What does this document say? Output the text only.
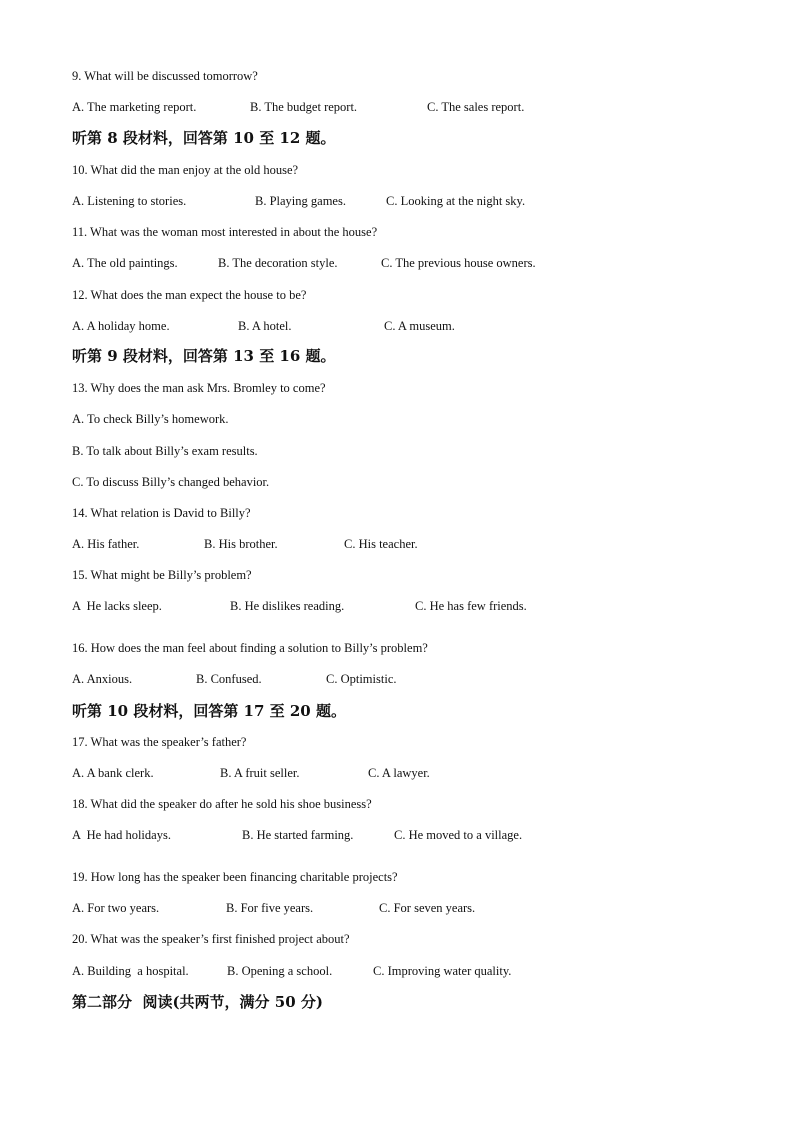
9. What will be discussed tomorrow?

A. The marketing report.

	B. The budget report.

	C. The sales report.

听第 8 段材料，回答第 10 至 12 题。
10. What did the man enjoy at the old house?

A. Listening to stories.

	B. Playing games.

	C. Looking at the night sky.

11. What was the woman most interested in about the house?

A. The old paintings.

	B. The decoration style.

	C. The previous house owners.

12. What does the man expect the house to be?

A. A holiday home.

	B. A hotel.

	C. A museum.

听第 9 段材料，回答第 13 至 16 题。
13. Why does the man ask Mrs. Bromley to come?
A. To check Billy’s homework.
B. To talk about Billy’s exam results.
C. To discuss Billy’s changed behavior.
14. What relation is David to Billy?

A. His father.

	B. His brother.

	C. His teacher.

15. What might be Billy’s problem?

A  He lacks sleep.

	B. He dislikes reading.

	C. He has few friends.

16. How does the man feel about finding a solution to Billy’s problem?

A. Anxious.

	B. Confused.

	C. Optimistic.

听第 10 段材料，回答第 17 至 20 题。
17. What was the speaker’s father?

A. A bank clerk.

	B. A fruit seller.

	C. A lawyer.

18. What did the speaker do after he sold his shoe business?

A  He had holidays.

	B. He started farming.

	C. He moved to a village.

19. How long has the speaker been financing charitable projects?

A. For two years.

	B. For five years.

	C. For seven years.

20. What was the speaker’s first finished project about?

A. Building  a hospital.

	B. Opening a school.

	C. Improving water quality.

第二部分  阅读(共两节，满分 50 分)
